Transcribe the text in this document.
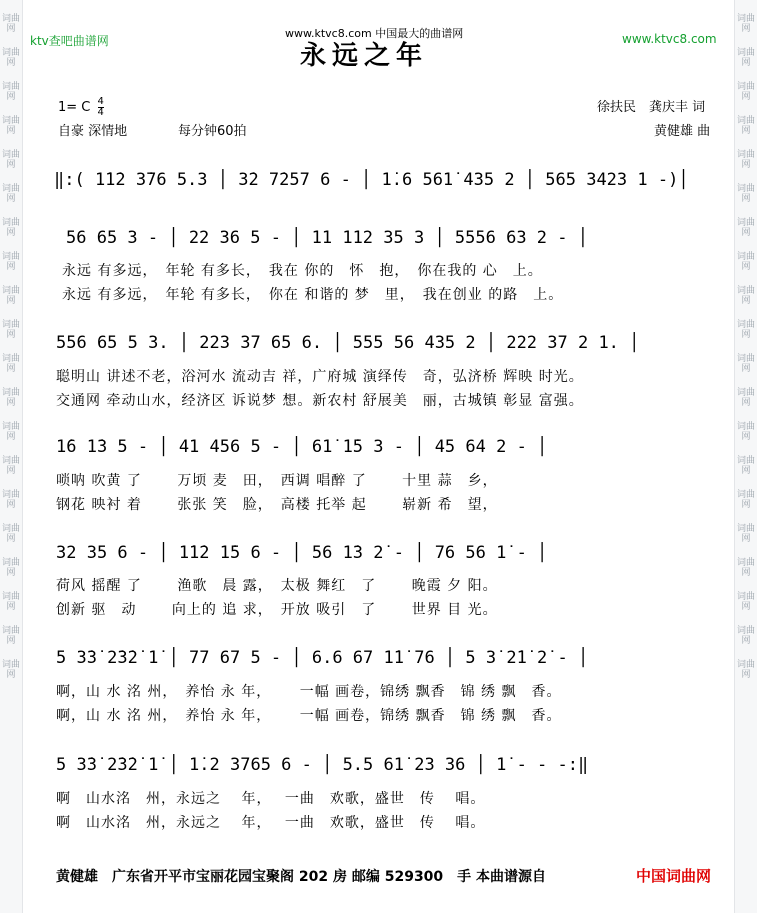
词曲网
词曲网
词曲网
词曲网
词曲网
词曲网
词曲网
词曲网
词曲网
词曲网
词曲网
词曲网
词曲网
词曲网
词曲网
词曲网
词曲网
词曲网
词曲网
词曲网
词曲网
词曲网
词曲网
词曲网
词曲网
词曲网
词曲网
词曲网
词曲网
词曲网
词曲网
词曲网
词曲网
词曲网
词曲网
词曲网
词曲网
词曲网
词曲网
词曲网
ktv查吧曲谱网
www.ktvc8.com 中国最大的曲谱网	www.ktvc8.com
永远之年
1= C $\frac{4}{4}$
自豪 深情地	每分钟60拍
徐扶民　龚庆丰 词
黄健雄 曲
‖:( 1̇1̇2 3̇76 5.3 │ 3̇2 7̇257 6 - │ 1̇.6 561̇ 435 2 │ 565 3423 1 -)│
56 65 3 - │ 22 36 5 - │ 11 112 35 3 │ 5556 63 2 - │
永远 有多远，　年轮 有多长，　我在 你的　怀　抱，　你在我的 心　上。
永远 有多远，　年轮 有多长，　你在 和谐的 梦　里，　我在创业 的路　上。
556 65 5 3. │ 223 37 65 6. │ 555 56 435 2 │ 222 37 2 1. │
聪明山 讲述不老，浴河水 流动吉 祥，广府城 演绎传　奇，弘济桥 辉映 时光。
交通网 牵动山水，经济区 诉说梦 想。新农村 舒展美　丽，古城镇 彰显 富强。
1̇6 1̇3 5 - │ 41 456 5 - │ 61̇ 1̇5 3 - │ 45 64 2 - │
唢呐 吹黄 了　　 万顷 麦　田，　西调 唱醉 了　　 十里 蒜　乡，
钢花 映衬 着　　 张张 笑　脸，　高楼 托举 起　　 崭新 希　望，
32 35 6 - │ 1̇1̇2 1̇5 6 - │ 56 1̇3 2̇ - │ 76 56 1̇ - │
荷风 摇醒 了　　 渔歌　晨 露，　太极 舞红　了　　 晚霞 夕 阳。
创新 驱　动　　 向上的 追 求，　开放 吸引　了　　 世界 目 光。
5 3̇3̇ 2̇3̇2̇ 1̇ │ 77 67 5 - │ 6.6 67 1̇1̇ 76 │ 5 3̇ 2̇1̇ 2̇ - │
啊，山 水 洺 州，　养怡 永 年，　　 一幅 画卷，锦绣 飘香　锦 绣 飘　香。
啊，山 水 洺 州，　养怡 永 年，　　 一幅 画卷，锦绣 飘香　锦 绣 飘　香。
5 3̇3̇ 2̇3̇2̇ 1̇ │ 1̇.2 3765 6 - │ 5.5 61̇ 23 36 │ 1̇ - - -:‖
啊　山水洺　州，永远之　 年，　 一曲　欢歌，盛世　传　 唱。
啊　山水洺　州，永远之　 年，　 一曲　欢歌，盛世　传　 唱。
黄健雄　广东省开平市宝丽花园宝聚阁 202 房 邮编 529300　手 本曲谱源自	中国词曲网
